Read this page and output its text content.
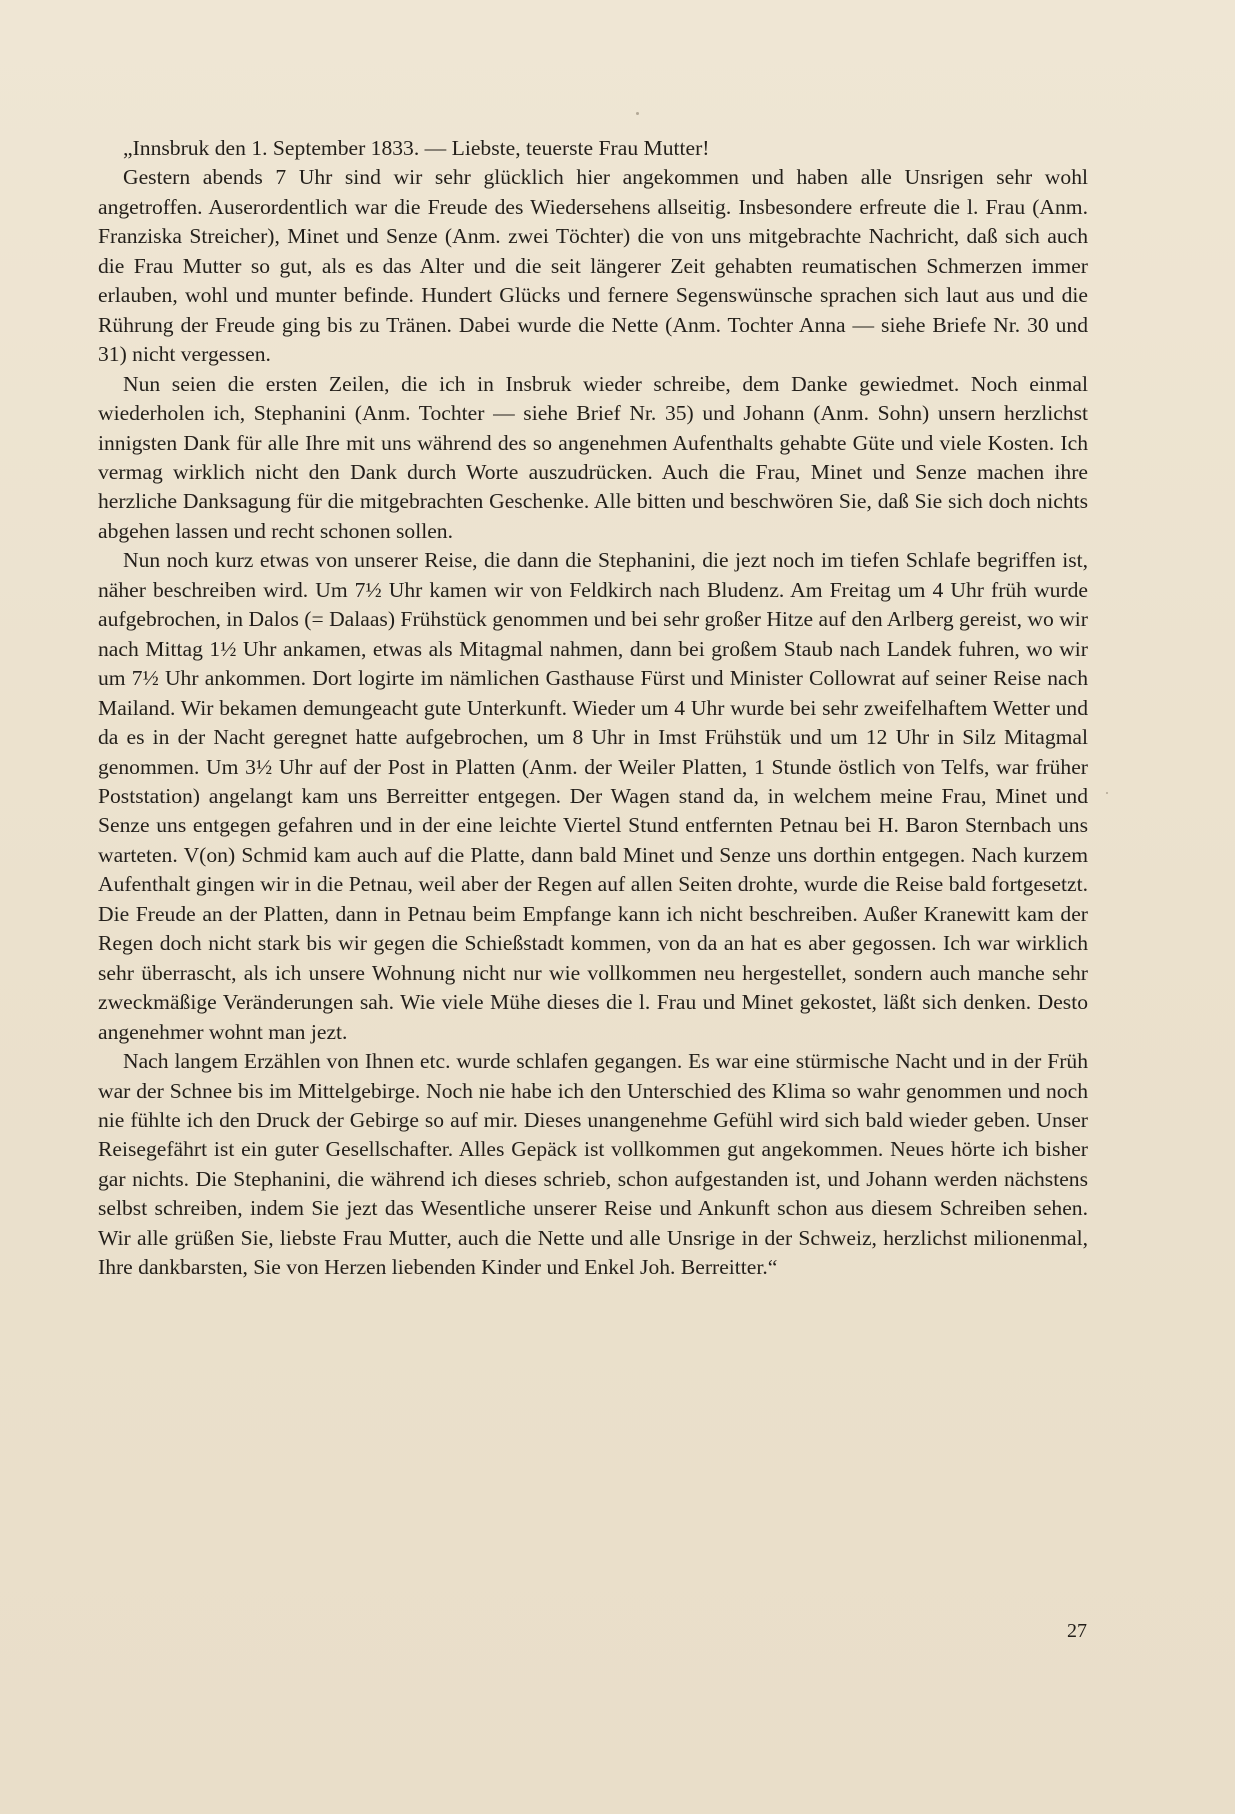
„Innsbruk den 1. September 1833. — Liebste, teuerste Frau Mutter!

Gestern abends 7 Uhr sind wir sehr glücklich hier angekommen und haben alle Unsrigen sehr wohl angetroffen. Auserordentlich war die Freude des Wiedersehens allseitig. Insbesondere erfreute die l. Frau (Anm. Franziska Streicher), Minet und Senze (Anm. zwei Töchter) die von uns mitgebrachte Nachricht, daß sich auch die Frau Mutter so gut, als es das Alter und die seit längerer Zeit gehabten reumatischen Schmerzen immer erlauben, wohl und munter befinde. Hundert Glücks und fernere Segenswünsche sprachen sich laut aus und die Rührung der Freude ging bis zu Tränen. Dabei wurde die Nette (Anm. Tochter Anna — siehe Briefe Nr. 30 und 31) nicht vergessen.

Nun seien die ersten Zeilen, die ich in Insbruk wieder schreibe, dem Danke gewiedmet. Noch einmal wiederholen ich, Stephanini (Anm. Tochter — siehe Brief Nr. 35) und Johann (Anm. Sohn) unsern herzlichst innigsten Dank für alle Ihre mit uns während des so angenehmen Aufenthalts gehabte Güte und viele Kosten. Ich vermag wirklich nicht den Dank durch Worte auszudrücken. Auch die Frau, Minet und Senze machen ihre herzliche Danksagung für die mitgebrachten Geschenke. Alle bitten und beschwören Sie, daß Sie sich doch nichts abgehen lassen und recht schonen sollen.

Nun noch kurz etwas von unserer Reise, die dann die Stephanini, die jezt noch im tiefen Schlafe begriffen ist, näher beschreiben wird. Um 7½ Uhr kamen wir von Feldkirch nach Bludenz. Am Freitag um 4 Uhr früh wurde aufgebrochen, in Dalos (= Dalaas) Frühstück genommen und bei sehr großer Hitze auf den Arlberg gereist, wo wir nach Mittag 1½ Uhr ankamen, etwas als Mitagmal nahmen, dann bei großem Staub nach Landek fuhren, wo wir um 7½ Uhr ankommen. Dort logirte im nämlichen Gasthause Fürst und Minister Collowrat auf seiner Reise nach Mailand. Wir bekamen demungeacht gute Unterkunft. Wieder um 4 Uhr wurde bei sehr zweifelhaftem Wetter und da es in der Nacht geregnet hatte aufgebrochen, um 8 Uhr in Imst Frühstük und um 12 Uhr in Silz Mitagmal genommen. Um 3½ Uhr auf der Post in Platten (Anm. der Weiler Platten, 1 Stunde östlich von Telfs, war früher Poststation) angelangt kam uns Berreitter entgegen. Der Wagen stand da, in welchem meine Frau, Minet und Senze uns entgegen gefahren und in der eine leichte Viertel Stund entfernten Petnau bei H. Baron Sternbach uns warteten. V(on) Schmid kam auch auf die Platte, dann bald Minet und Senze uns dorthin entgegen. Nach kurzem Aufenthalt gingen wir in die Petnau, weil aber der Regen auf allen Seiten drohte, wurde die Reise bald fortgesetzt. Die Freude an der Platten, dann in Petnau beim Empfange kann ich nicht beschreiben. Außer Kranewitt kam der Regen doch nicht stark bis wir gegen die Schießstadt kommen, von da an hat es aber gegossen. Ich war wirklich sehr überrascht, als ich unsere Wohnung nicht nur wie vollkommen neu hergestellet, sondern auch manche sehr zweckmäßige Veränderungen sah. Wie viele Mühe dieses die l. Frau und Minet gekostet, läßt sich denken. Desto angenehmer wohnt man jezt.

Nach langem Erzählen von Ihnen etc. wurde schlafen gegangen. Es war eine stürmische Nacht und in der Früh war der Schnee bis im Mittelgebirge. Noch nie habe ich den Unterschied des Klima so wahr genommen und noch nie fühlte ich den Druck der Gebirge so auf mir. Dieses unangenehme Gefühl wird sich bald wieder geben. Unser Reisegefährt ist ein guter Gesellschafter. Alles Gepäck ist vollkommen gut angekommen. Neues hörte ich bisher gar nichts. Die Stephanini, die während ich dieses schrieb, schon aufgestanden ist, und Johann werden nächstens selbst schreiben, indem Sie jezt das Wesentliche unserer Reise und Ankunft schon aus diesem Schreiben sehen. Wir alle grüßen Sie, liebste Frau Mutter, auch die Nette und alle Unsrige in der Schweiz, herzlichst milionenmal, Ihre dankbarsten, Sie von Herzen liebenden Kinder und Enkel Joh. Berreitter.“

27
